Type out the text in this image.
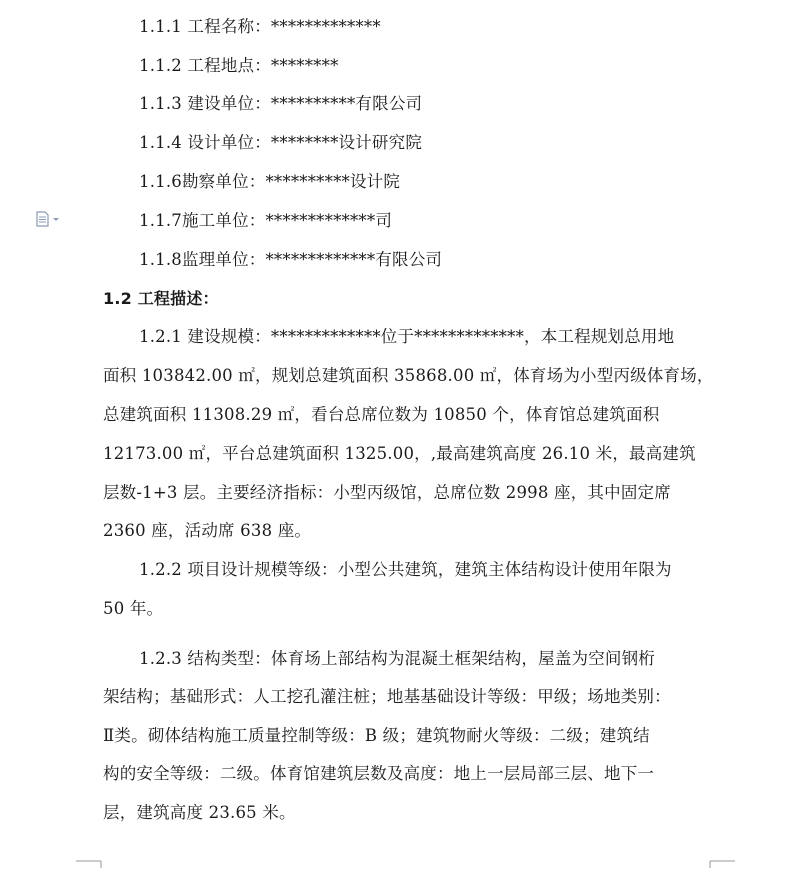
1.1.1 工程名称：*************
1.1.2 工程地点：********
1.1.3 建设单位：**********有限公司
1.1.4 设计单位：********设计研究院
1.1.6勘察单位：**********设计院
1.1.7施工单位：*************司
1.1.8监理单位：*************有限公司
1.2 工程描述：
1.2.1 建设规模：*************位于*************，本工程规划总用地
面积 103842.00 ㎡，规划总建筑面积 35868.00 ㎡，体育场为小型丙级体育场，
总建筑面积 11308.29 ㎡，看台总席位数为 10850 个，体育馆总建筑面积
12173.00 ㎡，平台总建筑面积 1325.00，,最高建筑高度 26.10 米，最高建筑
层数-1+3 层。主要经济指标：小型丙级馆，总席位数 2998 座，其中固定席
2360 座，活动席 638 座。
1.2.2 项目设计规模等级：小型公共建筑，建筑主体结构设计使用年限为
50 年。
1.2.3 结构类型：体育场上部结构为混凝土框架结构，屋盖为空间钢桁
架结构；基础形式：人工挖孔灌注桩；地基基础设计等级：甲级；场地类别：
Ⅱ类。砌体结构施工质量控制等级：B 级；建筑物耐火等级：二级；建筑结
构的安全等级：二级。体育馆建筑层数及高度：地上一层局部三层、地下一
层，建筑高度 23.65 米。
